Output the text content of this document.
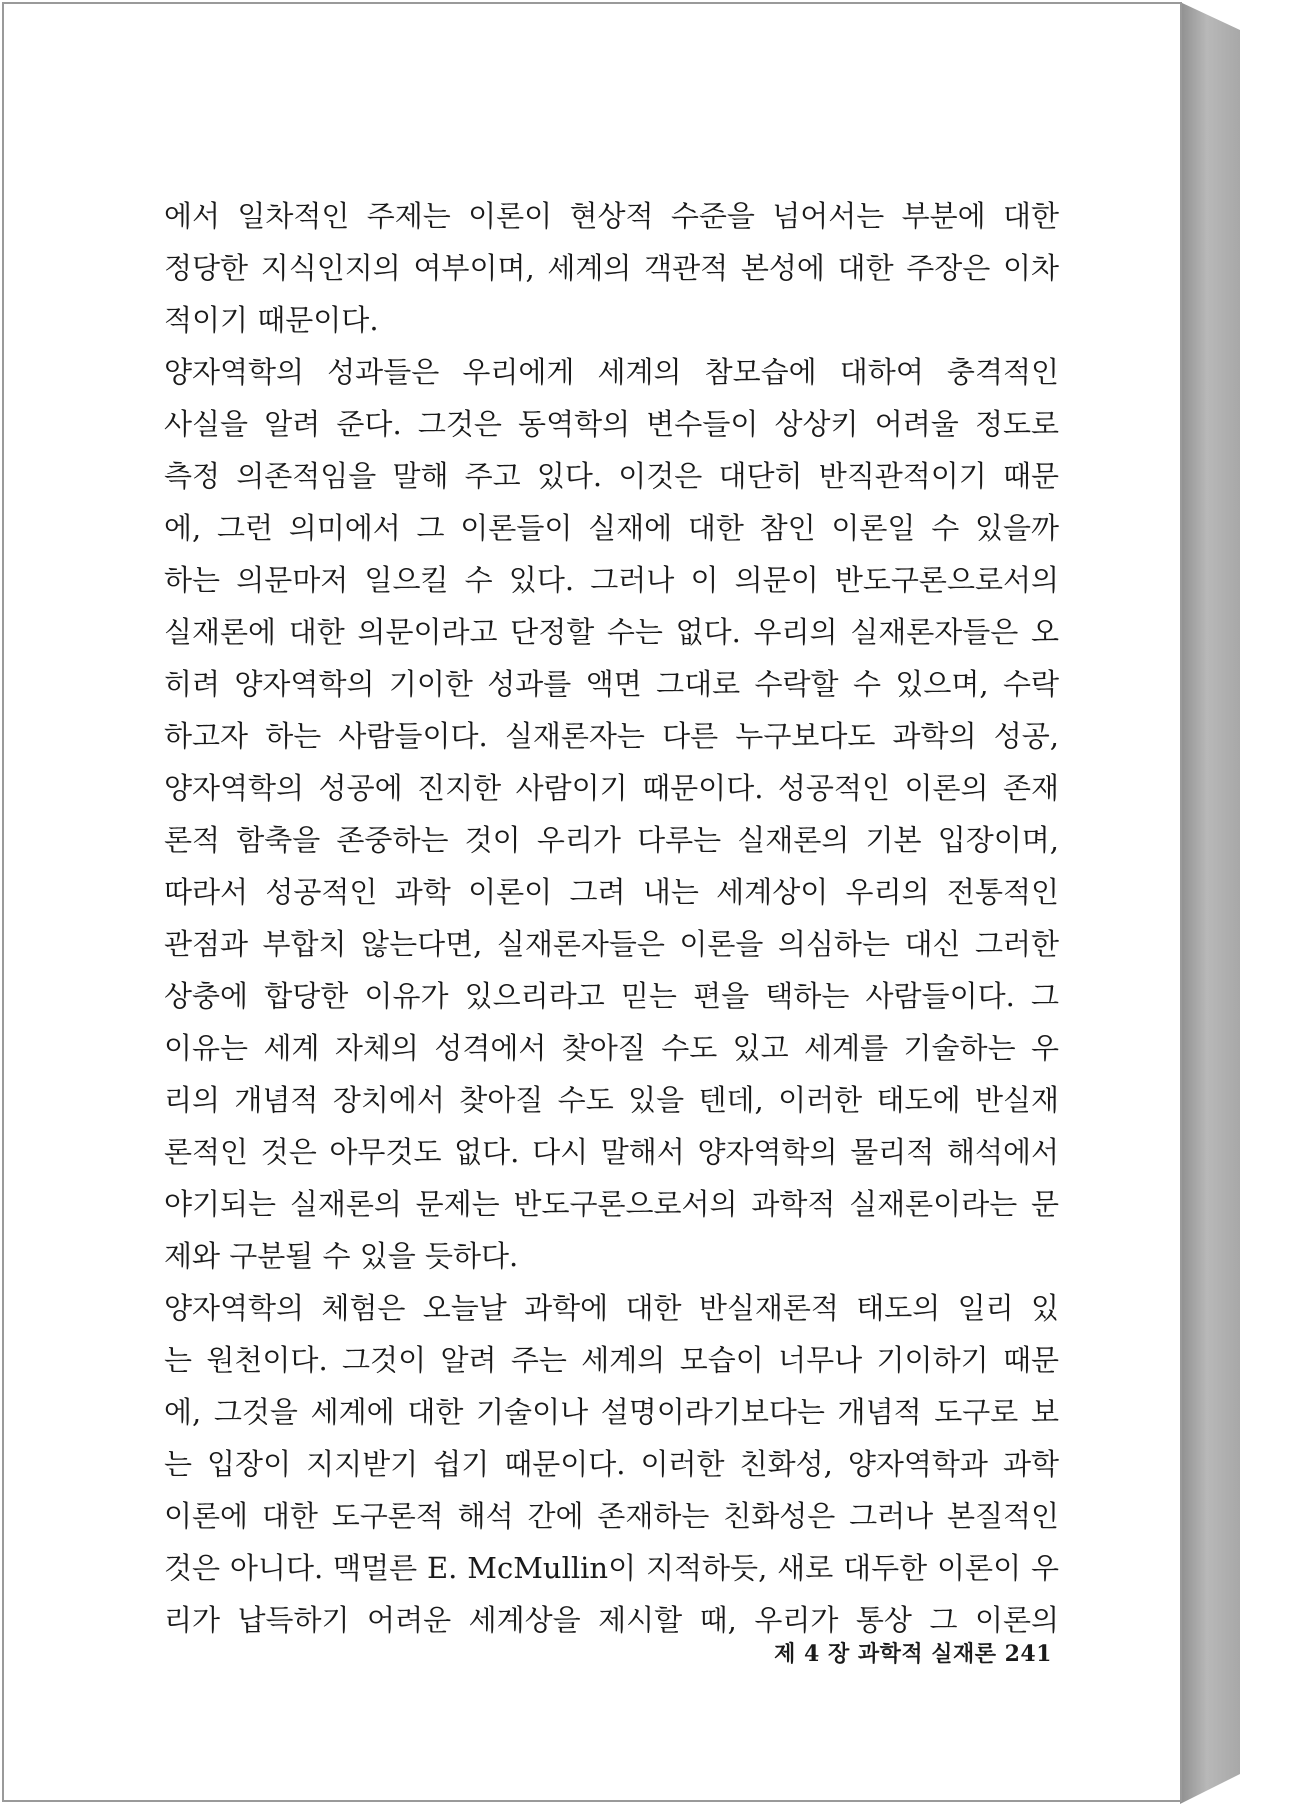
에서 일차적인 주제는 이론이 현상적 수준을 넘어서는 부분에 대한
정당한 지식인지의 여부이며, 세계의 객관적 본성에 대한 주장은 이차
적이기 때문이다.
양자역학의 성과들은 우리에게 세계의 참모습에 대하여 충격적인
사실을 알려 준다. 그것은 동역학의 변수들이 상상키 어려울 정도로
측정 의존적임을 말해 주고 있다. 이것은 대단히 반직관적이기 때문
에, 그런 의미에서 그 이론들이 실재에 대한 참인 이론일 수 있을까
하는 의문마저 일으킬 수 있다. 그러나 이 의문이 반도구론으로서의
실재론에 대한 의문이라고 단정할 수는 없다. 우리의 실재론자들은 오
히려 양자역학의 기이한 성과를 액면 그대로 수락할 수 있으며, 수락
하고자 하는 사람들이다. 실재론자는 다른 누구보다도 과학의 성공,
양자역학의 성공에 진지한 사람이기 때문이다. 성공적인 이론의 존재
론적 함축을 존중하는 것이 우리가 다루는 실재론의 기본 입장이며,
따라서 성공적인 과학 이론이 그려 내는 세계상이 우리의 전통적인
관점과 부합치 않는다면, 실재론자들은 이론을 의심하는 대신 그러한
상충에 합당한 이유가 있으리라고 믿는 편을 택하는 사람들이다. 그
이유는 세계 자체의 성격에서 찾아질 수도 있고 세계를 기술하는 우
리의 개념적 장치에서 찾아질 수도 있을 텐데, 이러한 태도에 반실재
론적인 것은 아무것도 없다. 다시 말해서 양자역학의 물리적 해석에서
야기되는 실재론의 문제는 반도구론으로서의 과학적 실재론이라는 문
제와 구분될 수 있을 듯하다.
양자역학의 체험은 오늘날 과학에 대한 반실재론적 태도의 일리 있
는 원천이다. 그것이 알려 주는 세계의 모습이 너무나 기이하기 때문
에, 그것을 세계에 대한 기술이나 설명이라기보다는 개념적 도구로 보
는 입장이 지지받기 쉽기 때문이다. 이러한 친화성, 양자역학과 과학
이론에 대한 도구론적 해석 간에 존재하는 친화성은 그러나 본질적인
것은 아니다. 맥멀른 E. McMullin이 지적하듯, 새로 대두한 이론이 우
리가 납득하기 어려운 세계상을 제시할 때, 우리가 통상 그 이론의
제 4 장 과학적 실재론 241
